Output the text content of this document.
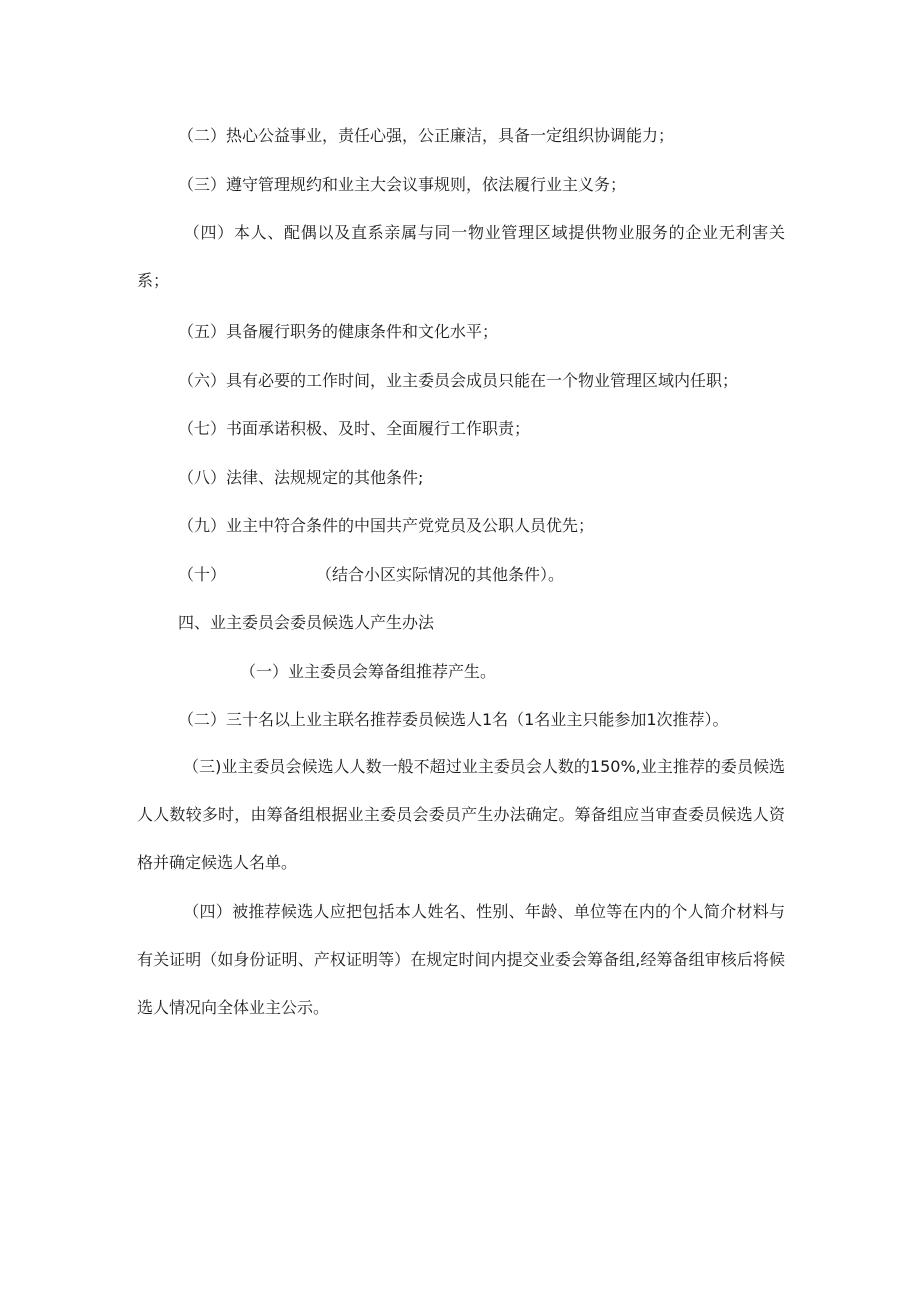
（二）热心公益事业，责任心强，公正廉洁，具备一定组织协调能力；
（三）遵守管理规约和业主大会议事规则，依法履行业主义务；
（四）本人、配偶以及直系亲属与同一物业管理区域提供物业服务的企业无利害关系；
（五）具备履行职务的健康条件和文化水平；
（六）具有必要的工作时间，业主委员会成员只能在一个物业管理区域内任职；
（七）书面承诺积极、及时、全面履行工作职责；
（八）法律、法规规定的其他条件;
（九）业主中符合条件的中国共产党党员及公职人员优先；
（十）	（结合小区实际情况的其他条件）。
四、业主委员会委员候选人产生办法
（一）业主委员会筹备组推荐产生。
（二）三十名以上业主联名推荐委员候选人1名（1名业主只能参加1次推荐）。
（三)业主委员会候选人人数一般不超过业主委员会人数的150%,业主推荐的委员候选人人数较多时，由筹备组根据业主委员会委员产生办法确定。筹备组应当审查委员候选人资格并确定候选人名单。
（四）被推荐候选人应把包括本人姓名、性别、年龄、单位等在内的个人简介材料与有关证明（如身份证明、产权证明等）在规定时间内提交业委会筹备组,经筹备组审核后将候选人情况向全体业主公示。
